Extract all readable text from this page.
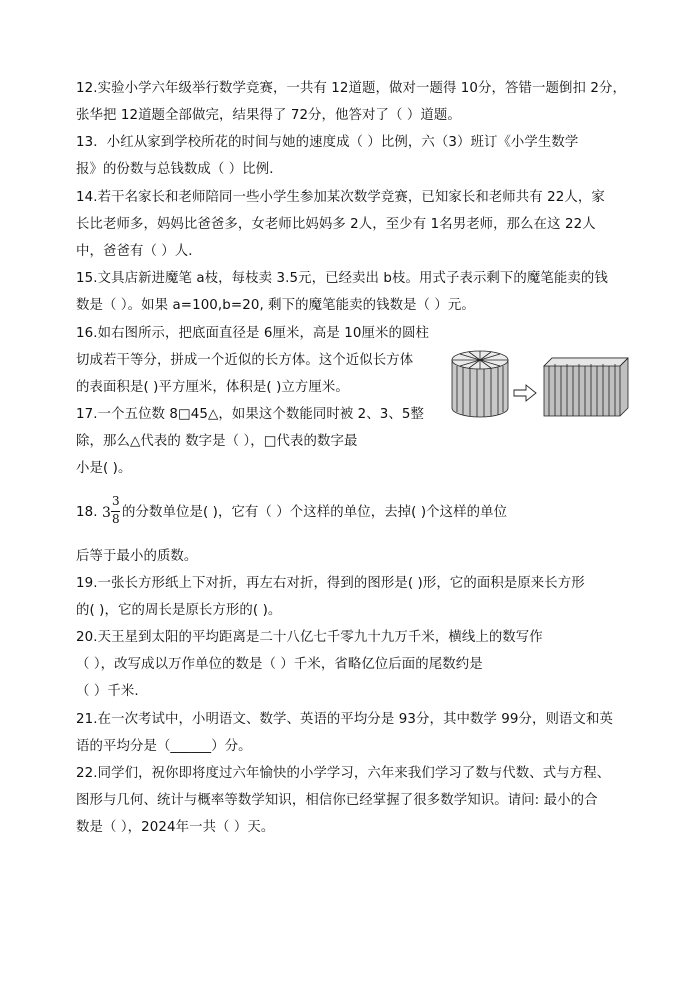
12.实验小学六年级举行数学竞赛，一共有 12道题，做对一题得 10分，答错一题倒扣 2分，
张华把 12道题全部做完，结果得了 72分，他答对了（ ）道题。
13．小红从家到学校所花的时间与她的速度成（ ）比例，六（3）班订《小学生数学
报》的份数与总钱数成（ ）比例．
14.若干名家长和老师陪同一些小学生参加某次数学竞赛，已知家长和老师共有 22人，家
长比老师多，妈妈比爸爸多，女老师比妈妈多 2人，至少有 1名男老师，那么在这 22人
中，爸爸有（ ）人．
15.文具店新进魔笔 a枝，每枝卖 3.5元，已经卖出 b枝。用式子表示剩下的魔笔能卖的钱
数是（ ）。如果 a=100,b=20, 剩下的魔笔能卖的钱数是（ ）元。
16.如右图所示，把底面直径是 6厘米，高是 10厘米的圆柱
切成若干等分，拼成一个近似的长方体。这个近似长方体
的表面积是( )平方厘米，体积是( )立方厘米。
17.一个五位数 8□45△，如果这个数能同时被 2、3、5整
除，那么△代表的 数字是（ ），□代表的数字最
小是( )。
18. 3
3
8 的分数单位是( )，它有（ ）个这样的单位，去掉( )个这样的单位
后等于最小的质数。
19.一张长方形纸上下对折，再左右对折，得到的图形是( )形，它的面积是原来长方形
的( )，它的周长是原长方形的( )。
20.天王星到太阳的平均距离是二十八亿七千零九十九万千米，横线上的数写作
（ ），改写成以万作单位的数是（ ）千米，省略亿位后面的尾数约是
（ ）千米.
21.在一次考试中，小明语文、数学、英语的平均分是 93分，其中数学 99分，则语文和英
语的平均分是（______）分。
22.同学们，祝你即将度过六年愉快的小学学习，六年来我们学习了数与代数、式与方程、
图形与几何、统计与概率等数学知识，相信你已经掌握了很多数学知识。请问: 最小的合
数是（ ），2024年一共（ ）天。
